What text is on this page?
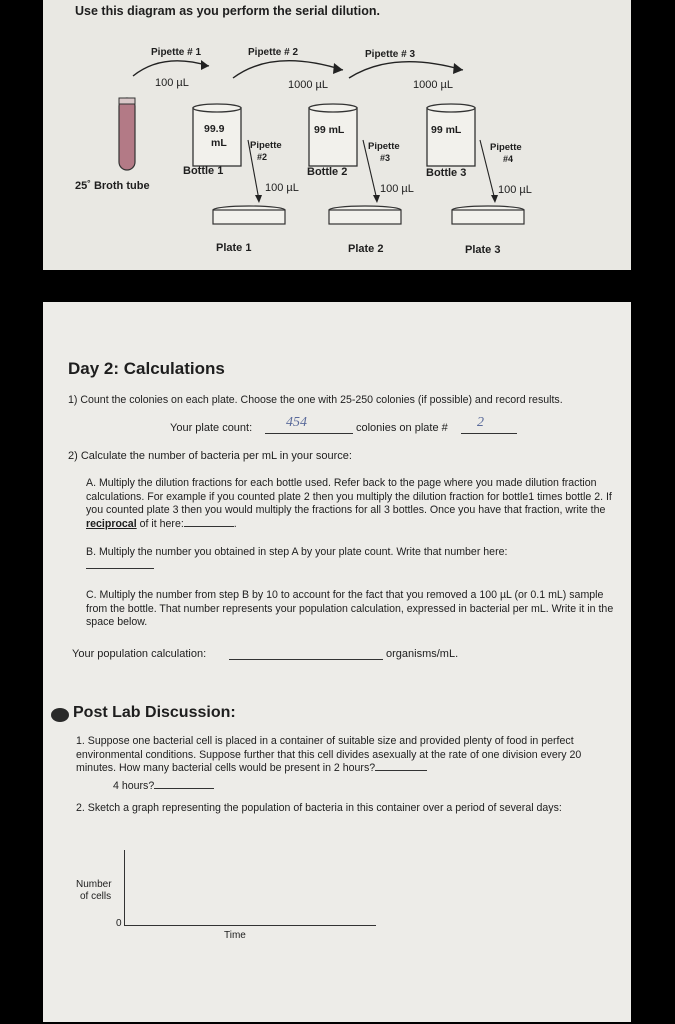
Use this diagram as you perform the serial dilution.
Pipette # 1	Pipette # 2	Pipette # 3
100 µL	1000 µL	1000 µL
99.9
mL
99 mL	99 mL
Bottle 1	Bottle 2	Bottle 3
Pipette
#2
100 µL
Pipette
#3
100 µL
Pipette
#4
100 µL
Plate 1	Plate 2	Plate 3
25˚ Broth tube
Day 2: Calculations
1) Count the colonies on each plate. Choose the one with 25-250 colonies (if possible) and record results.
Your plate count: 454	colonies on plate # 2
2) Calculate the number of bacteria per mL in your source:
A. Multiply the dilution fractions for each bottle used. Refer back to the page where you made dilution fraction calculations. For example if you counted plate 2 then you multiply the dilution fraction for bottle1 times bottle 2. If you counted plate 3 then you would multiply the fractions for all 3 bottles. Once you have that fraction, write the reciprocal of it here:	.
B. Multiply the number you obtained in step A by your plate count. Write that number here:
C. Multiply the number from step B by 10 to account for the fact that you removed a 100 µL (or 0.1 mL) sample from the bottle. That number represents your population calculation, expressed in bacterial per mL. Write it in the space below.
Your population calculation:	organisms/mL.
Post Lab Discussion:
1. Suppose one bacterial cell is placed in a container of suitable size and provided plenty of food in perfect environmental conditions. Suppose further that this cell divides asexually at the rate of one division every 20 minutes. How many bacterial cells would be present in 2 hours?
4 hours?
2. Sketch a graph representing the population of bacteria in this container over a period of several days:
Number
of cells
0
Time
